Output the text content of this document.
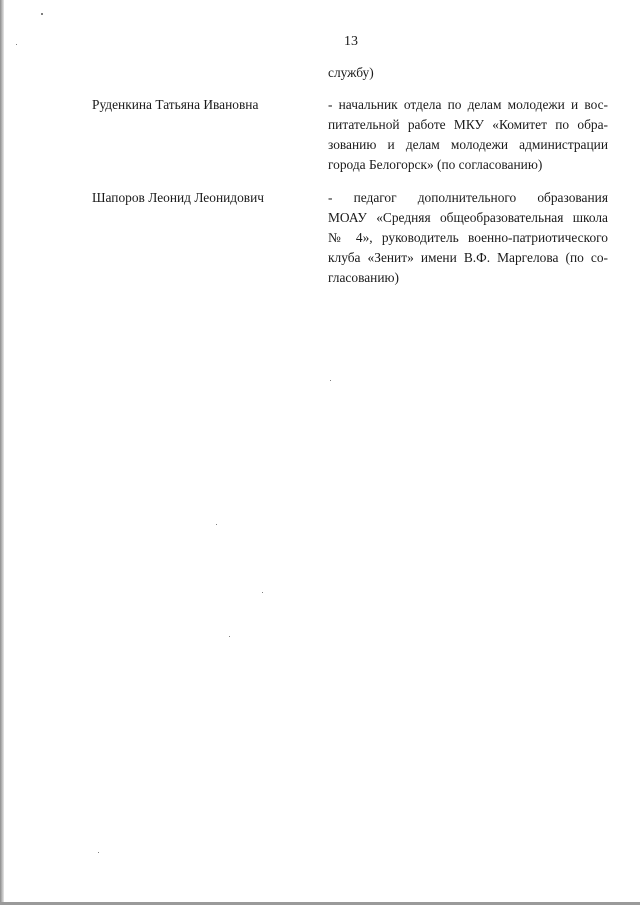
13
службу)
Руденкина Татьяна Ивановна	- начальник отдела по делам молодежи и вос-
питательной работе МКУ «Комитет по обра-
зованию и делам молодежи администрации
города Белогорск» (по согласованию)
Шапоров Леонид Леонидович	- педагог дополнительного образования
МОАУ «Средняя общеобразовательная школа
№ 4», руководитель военно-патриотического
клуба «Зенит» имени В.Ф. Маргелова (по со-
гласованию)
